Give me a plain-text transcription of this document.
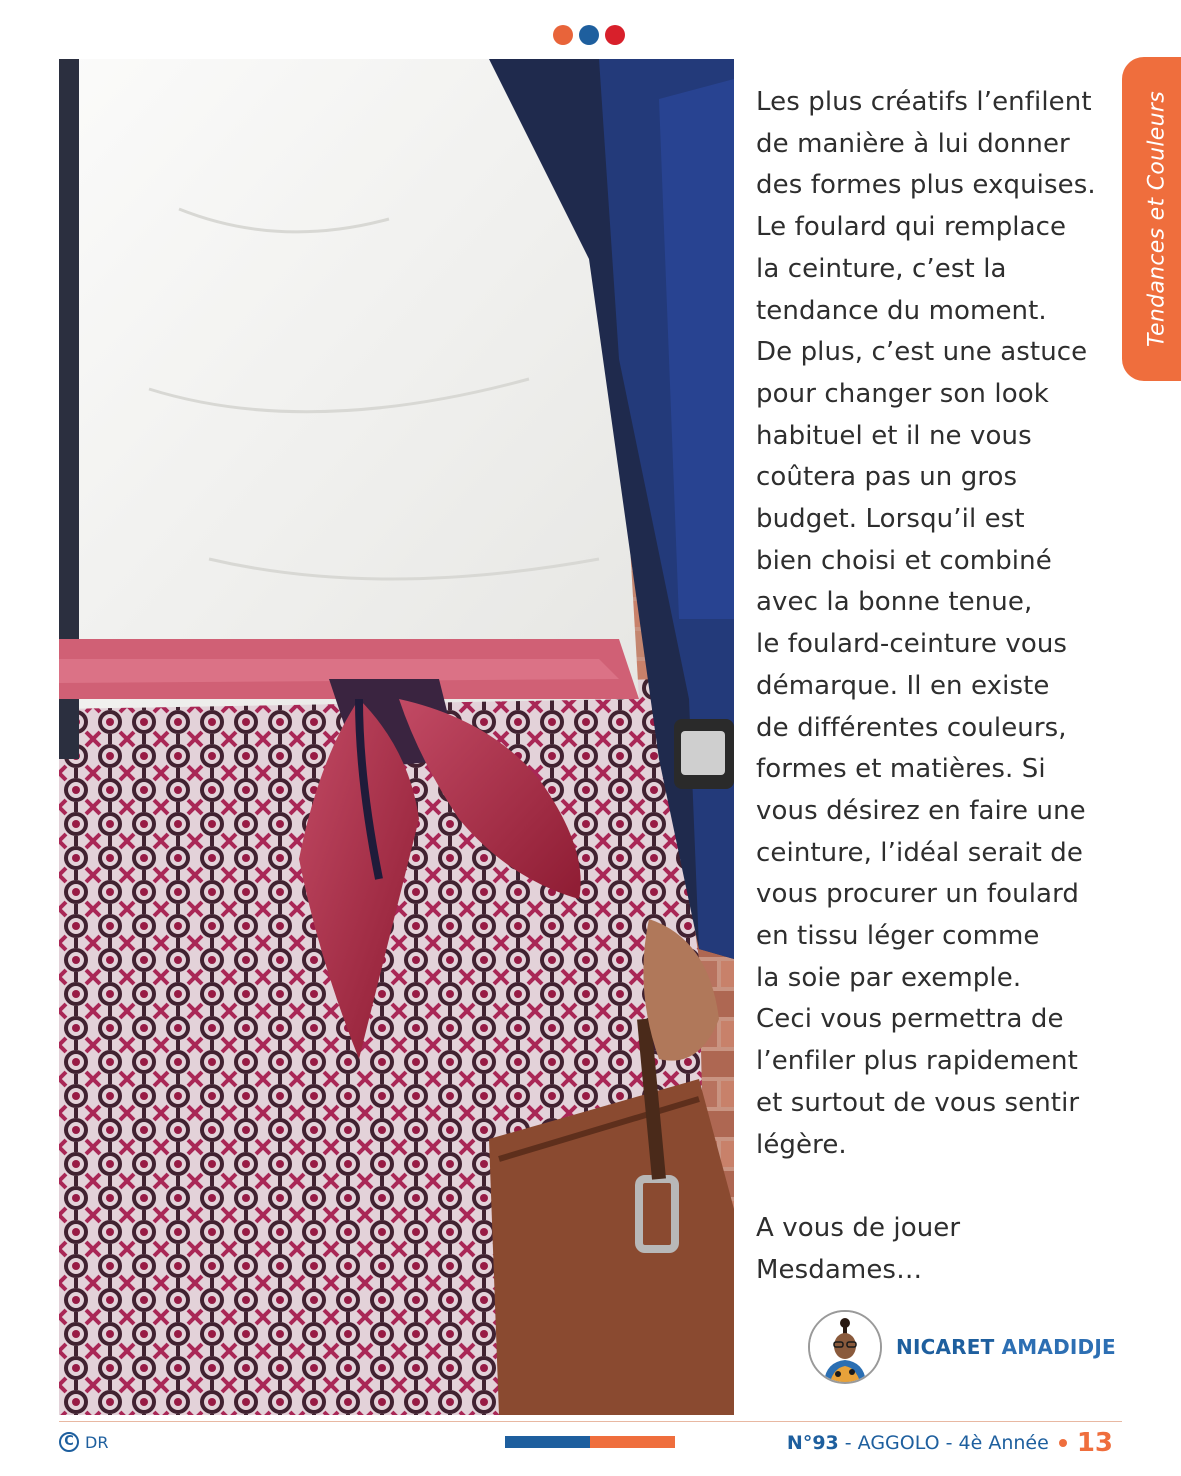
Les plus créatifs l’enfilent
de manière à lui donner
des formes plus exquises.
Le foulard qui remplace
la ceinture, c’est la
tendance du moment.
De plus, c’est une astuce
pour changer son look
habituel et il ne vous
coûtera pas un gros
budget. Lorsqu’il est
bien choisi et combiné
avec la bonne tenue,
le foulard-ceinture vous
démarque. Il en existe
de différentes couleurs,
formes et matières. Si
vous désirez en faire une
ceinture, l’idéal serait de
vous procurer un foulard
en tissu léger comme
la soie par exemple.
Ceci vous permettra de
l’enfiler plus rapidement
et surtout de vous sentir
légère.
A vous de jouer
Mesdames…
Tendances et Couleurs
NICARET AMADIDJE
C DR	N°93 - AGGOLO - 4è Année 13
